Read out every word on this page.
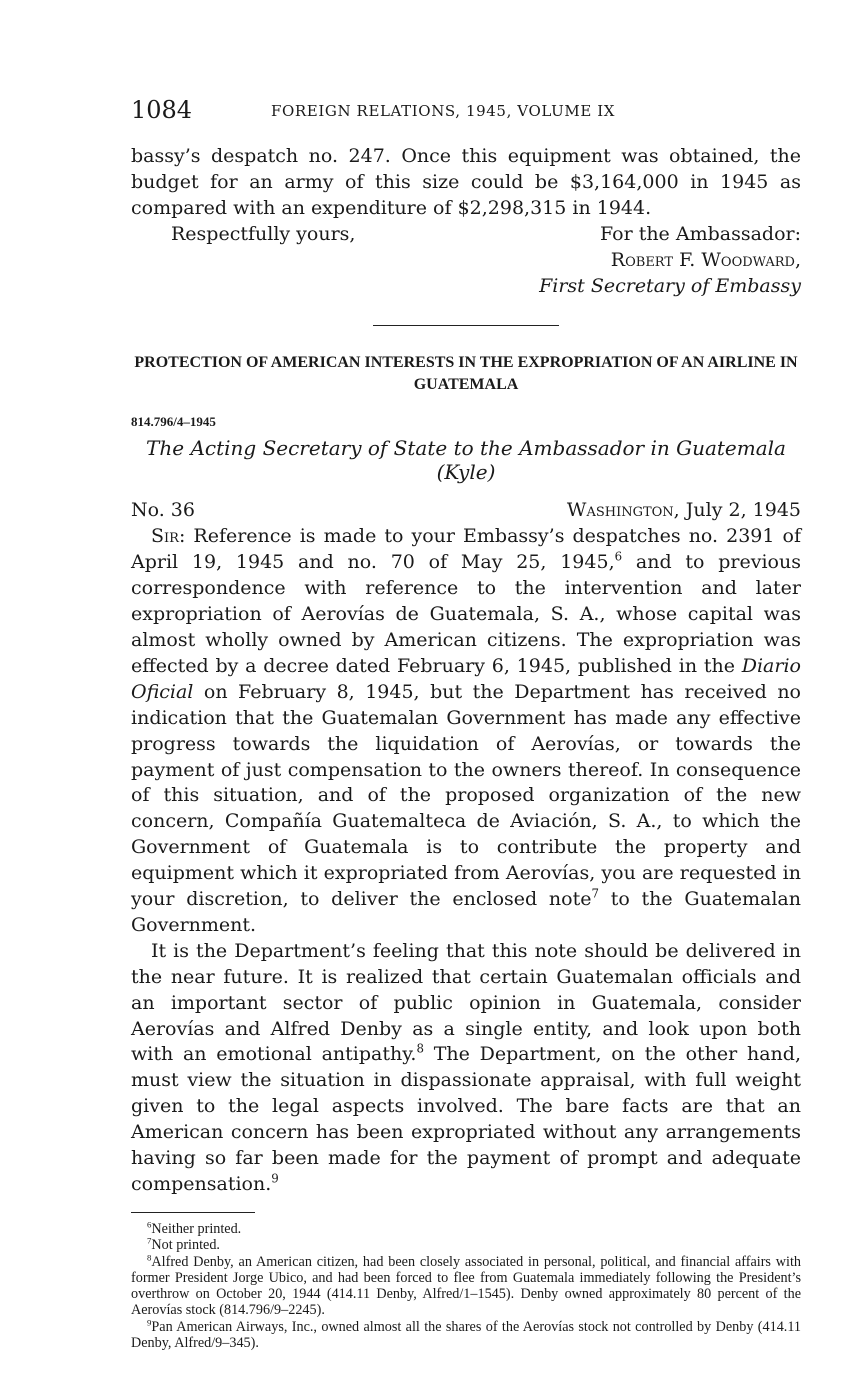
1084	FOREIGN RELATIONS, 1945, VOLUME IX

bassy’s despatch no. 247. Once this equipment was obtained, the budget for an army of this size could be $3,164,000 in 1945 as compared with an expenditure of $2,298,315 in 1944.

Respectfully yours,	For the Ambassador:
Robert F. Woodward,
First Secretary of Embassy
PROTECTION OF AMERICAN INTERESTS IN THE EXPROPRIATION OF AN AIRLINE IN GUATEMALA
814.796/4–1945
The Acting Secretary of State to the Ambassador in Guatemala (Kyle)
No. 36	Washington, July 2, 1945

Sir: Reference is made to your Embassy’s despatches no. 2391 of April 19, 1945 and no. 70 of May 25, 1945,$^6$ and to previous correspondence with reference to the intervention and later expropriation of Aerovías de Guatemala, S. A., whose capital was almost wholly owned by American citizens. The expropriation was effected by a decree dated February 6, 1945, published in the Diario Oficial on February 8, 1945, but the Department has received no indication that the Guatemalan Government has made any effective progress towards the liquidation of Aerovías, or towards the payment of just compensation to the owners thereof. In consequence of this situation, and of the proposed organization of the new concern, Compañía Guatemalteca de Aviación, S. A., to which the Government of Guatemala is to contribute the property and equipment which it expropriated from Aerovías, you are requested in your discretion, to deliver the enclosed note$^7$ to the Guatemalan Government.

It is the Department’s feeling that this note should be delivered in the near future. It is realized that certain Guatemalan officials and an important sector of public opinion in Guatemala, consider Aerovías and Alfred Denby as a single entity, and look upon both with an emotional antipathy.$^8$ The Department, on the other hand, must view the situation in dispassionate appraisal, with full weight given to the legal aspects involved. The bare facts are that an American concern has been expropriated without any arrangements having so far been made for the payment of prompt and adequate compensation.$^9$

$^6$Neither printed.

$^7$Not printed.

$^8$Alfred Denby, an American citizen, had been closely associated in personal, political, and financial affairs with former President Jorge Ubico, and had been forced to flee from Guatemala immediately following the President’s overthrow on October 20, 1944 (414.11 Denby, Alfred/1–1545). Denby owned approximately 80 percent of the Aerovías stock (814.796/9–2245).

$^9$Pan American Airways, Inc., owned almost all the shares of the Aerovías stock not controlled by Denby (414.11 Denby, Alfred/9–345).
